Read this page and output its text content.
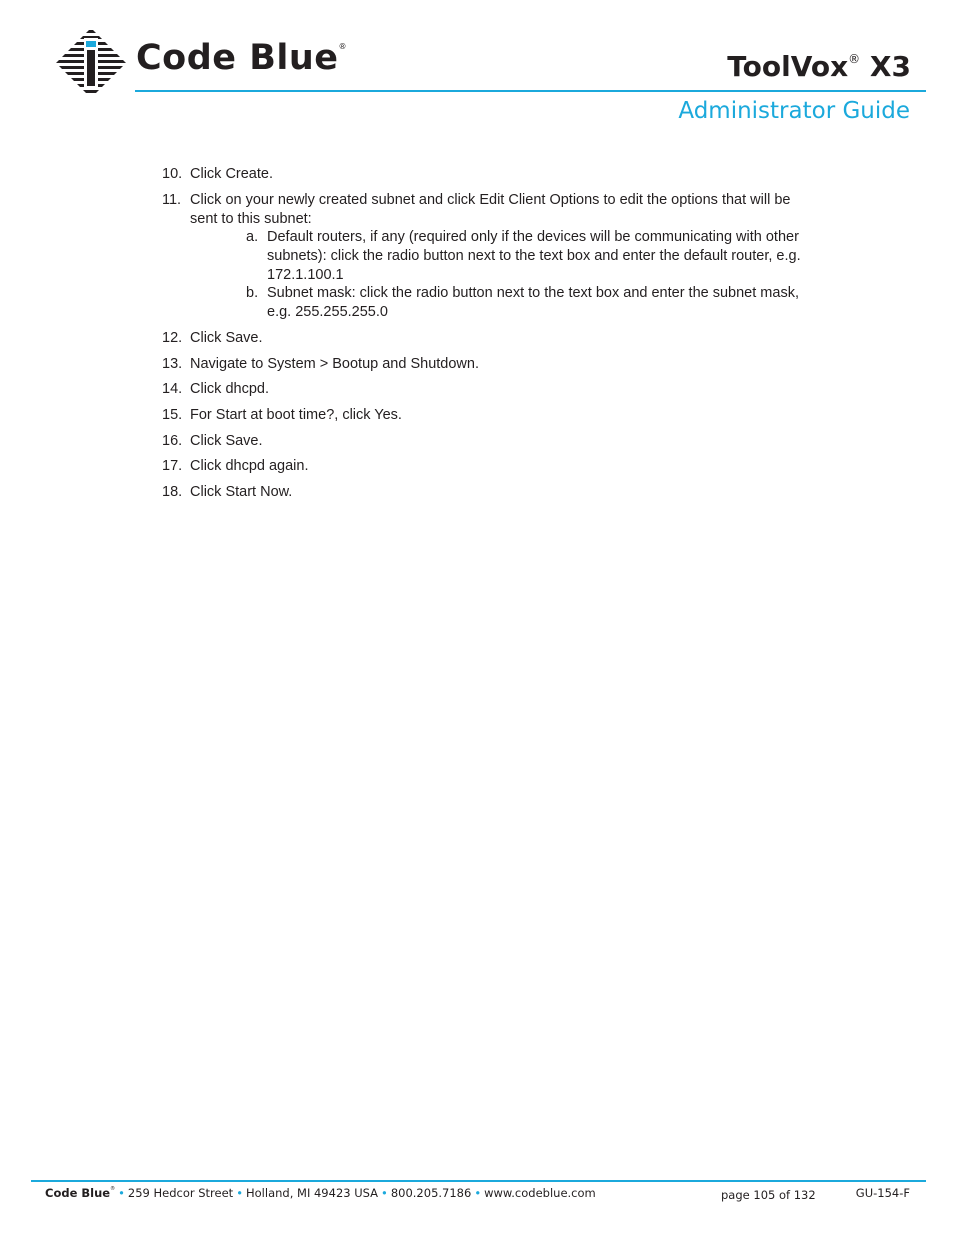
Code Blue®
ToolVox® X3
Administrator Guide
10. Click Create.
11. Click on your newly created subnet and click Edit Client Options to edit the options that will be sent to this subnet:
a. Default routers, if any (required only if the devices will be communicating with other subnets): click the radio button next to the text box and enter the default router, e.g. 172.1.100.1
b. Subnet mask: click the radio button next to the text box and enter the subnet mask, e.g. 255.255.255.0
12. Click Save.
13. Navigate to System > Bootup and Shutdown.
14. Click dhcpd.
15. For Start at boot time?, click Yes.
16. Click Save.
17. Click dhcpd again.
18. Click Start Now.
Code Blue® • 259 Hedcor Street • Holland, MI 49423 USA • 800.205.7186 • www.codeblue.com	page 105 of 132	GU-154-F
